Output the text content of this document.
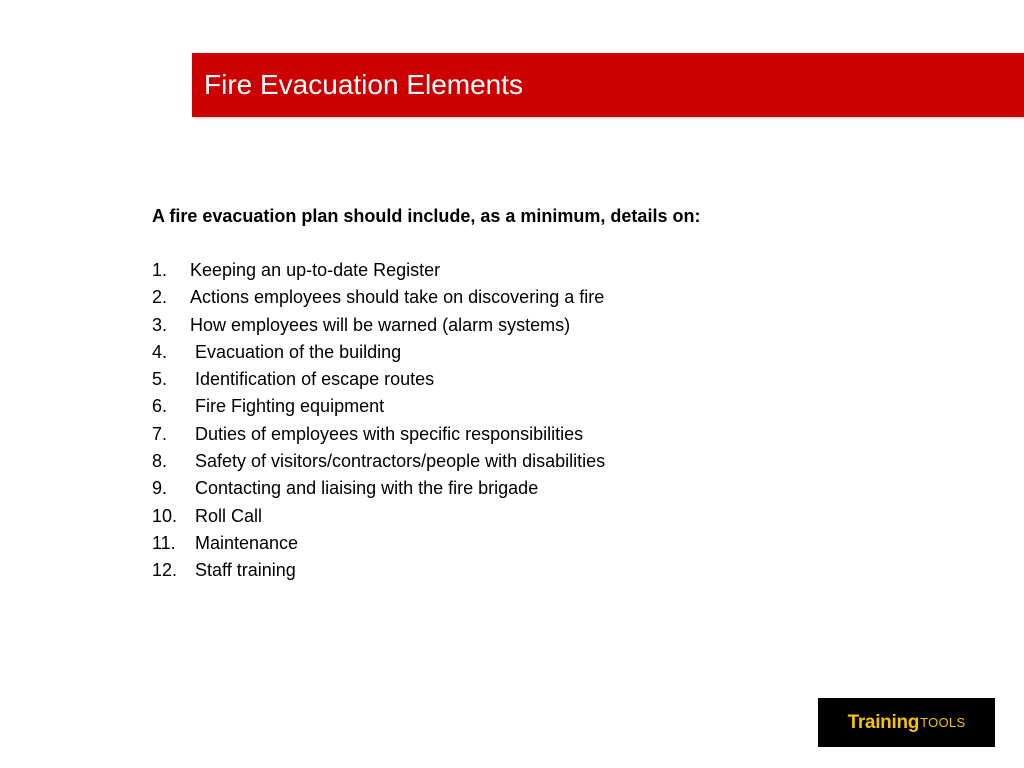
Fire Evacuation Elements

A fire evacuation plan should include, as a minimum, details on:

1.	Keeping an up-to-date Register
2.	Actions employees should take on discovering a fire
3.	How employees will be warned (alarm systems)
4.	Evacuation of the building
5.	Identification of escape routes
6.	Fire Fighting equipment
7.	Duties of employees with specific responsibilities
8.	Safety of visitors/contractors/people with disabilities
9.	Contacting and liaising with the fire brigade
10. Roll Call
11.	Maintenance
12. Staff training
Training TOOLS
